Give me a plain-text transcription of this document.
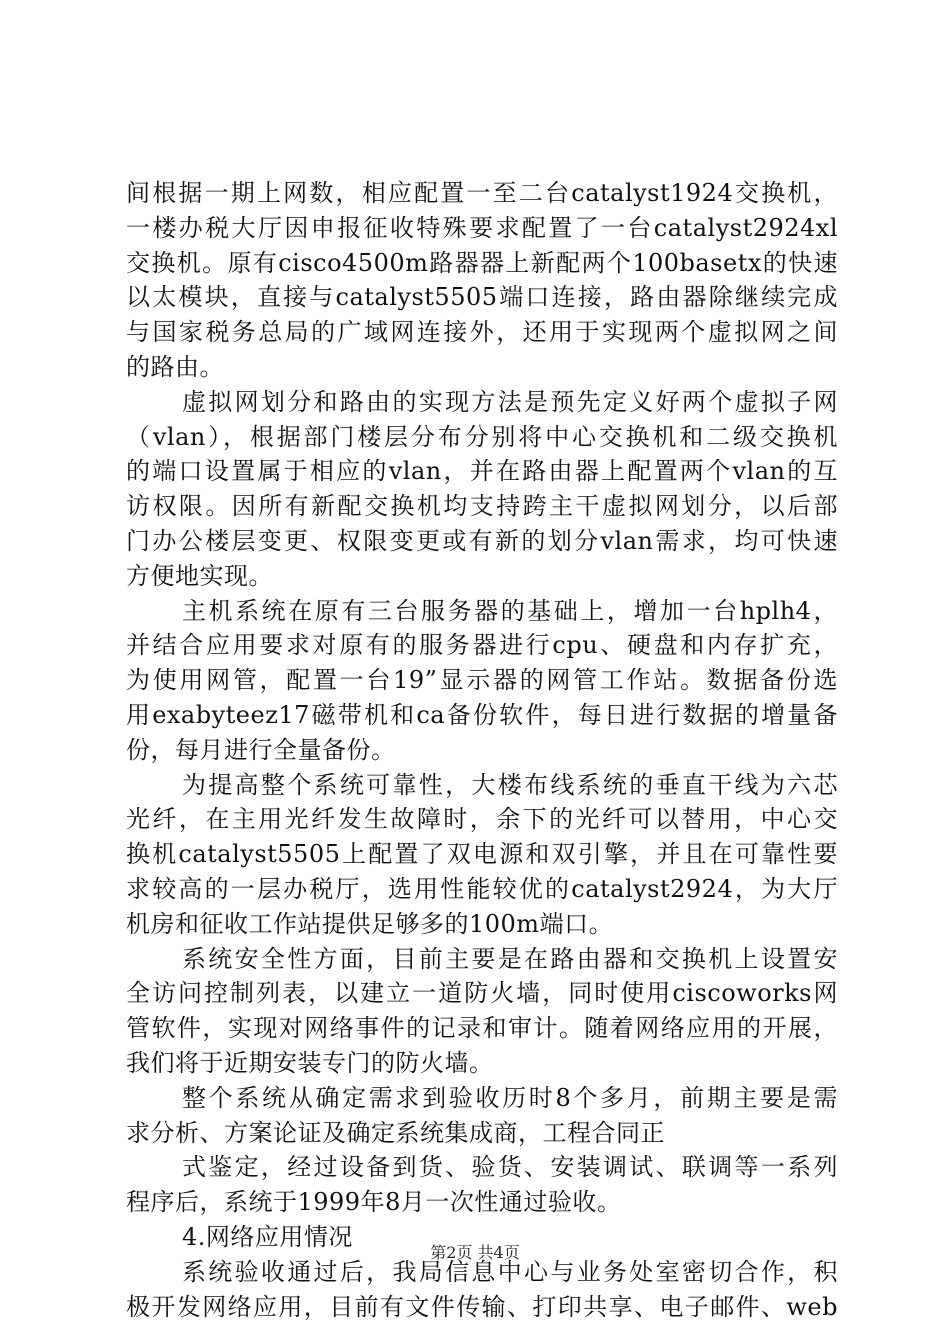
间根据一期上网数，相应配置一至二台catalyst1924交换机，
一楼办税大厅因申报征收特殊要求配置了一台catalyst2924xl
交换机。原有cisco4500m路器器上新配两个100basetx的快速
以太模块，直接与catalyst5505端口连接，路由器除继续完成
与国家税务总局的广域网连接外，还用于实现两个虚拟网之间
的路由。
虚拟网划分和路由的实现方法是预先定义好两个虚拟子网
（vlan），根据部门楼层分布分别将中心交换机和二级交换机
的端口设置属于相应的vlan，并在路由器上配置两个vlan的互
访权限。因所有新配交换机均支持跨主干虚拟网划分，以后部
门办公楼层变更、权限变更或有新的划分vlan需求，均可快速
方便地实现。
主机系统在原有三台服务器的基础上，增加一台hplh4，
并结合应用要求对原有的服务器进行cpu、硬盘和内存扩充，
为使用网管，配置一台19”显示器的网管工作站。数据备份选
用exabyteez17磁带机和ca备份软件，每日进行数据的增量备
份，每月进行全量备份。
为提高整个系统可靠性，大楼布线系统的垂直干线为六芯
光纤，在主用光纤发生故障时，余下的光纤可以替用，中心交
换机catalyst5505上配置了双电源和双引擎，并且在可靠性要
求较高的一层办税厅，选用性能较优的catalyst2924，为大厅
机房和征收工作站提供足够多的100m端口。
系统安全性方面，目前主要是在路由器和交换机上设置安
全访问控制列表，以建立一道防火墙，同时使用ciscoworks网
管软件，实现对网络事件的记录和审计。随着网络应用的开展，
我们将于近期安装专门的防火墙。
整个系统从确定需求到验收历时8个多月，前期主要是需
求分析、方案论证及确定系统集成商，工程合同正
式鉴定，经过设备到货、验货、安装调试、联调等一系列
程序后，系统于1999年8月一次性通过验收。
4.网络应用情况
系统验收通过后，我局信息中心与业务处室密切合作，积
极开发网络应用，目前有文件传输、打印共享、电子邮件、web
第2页 共4页
